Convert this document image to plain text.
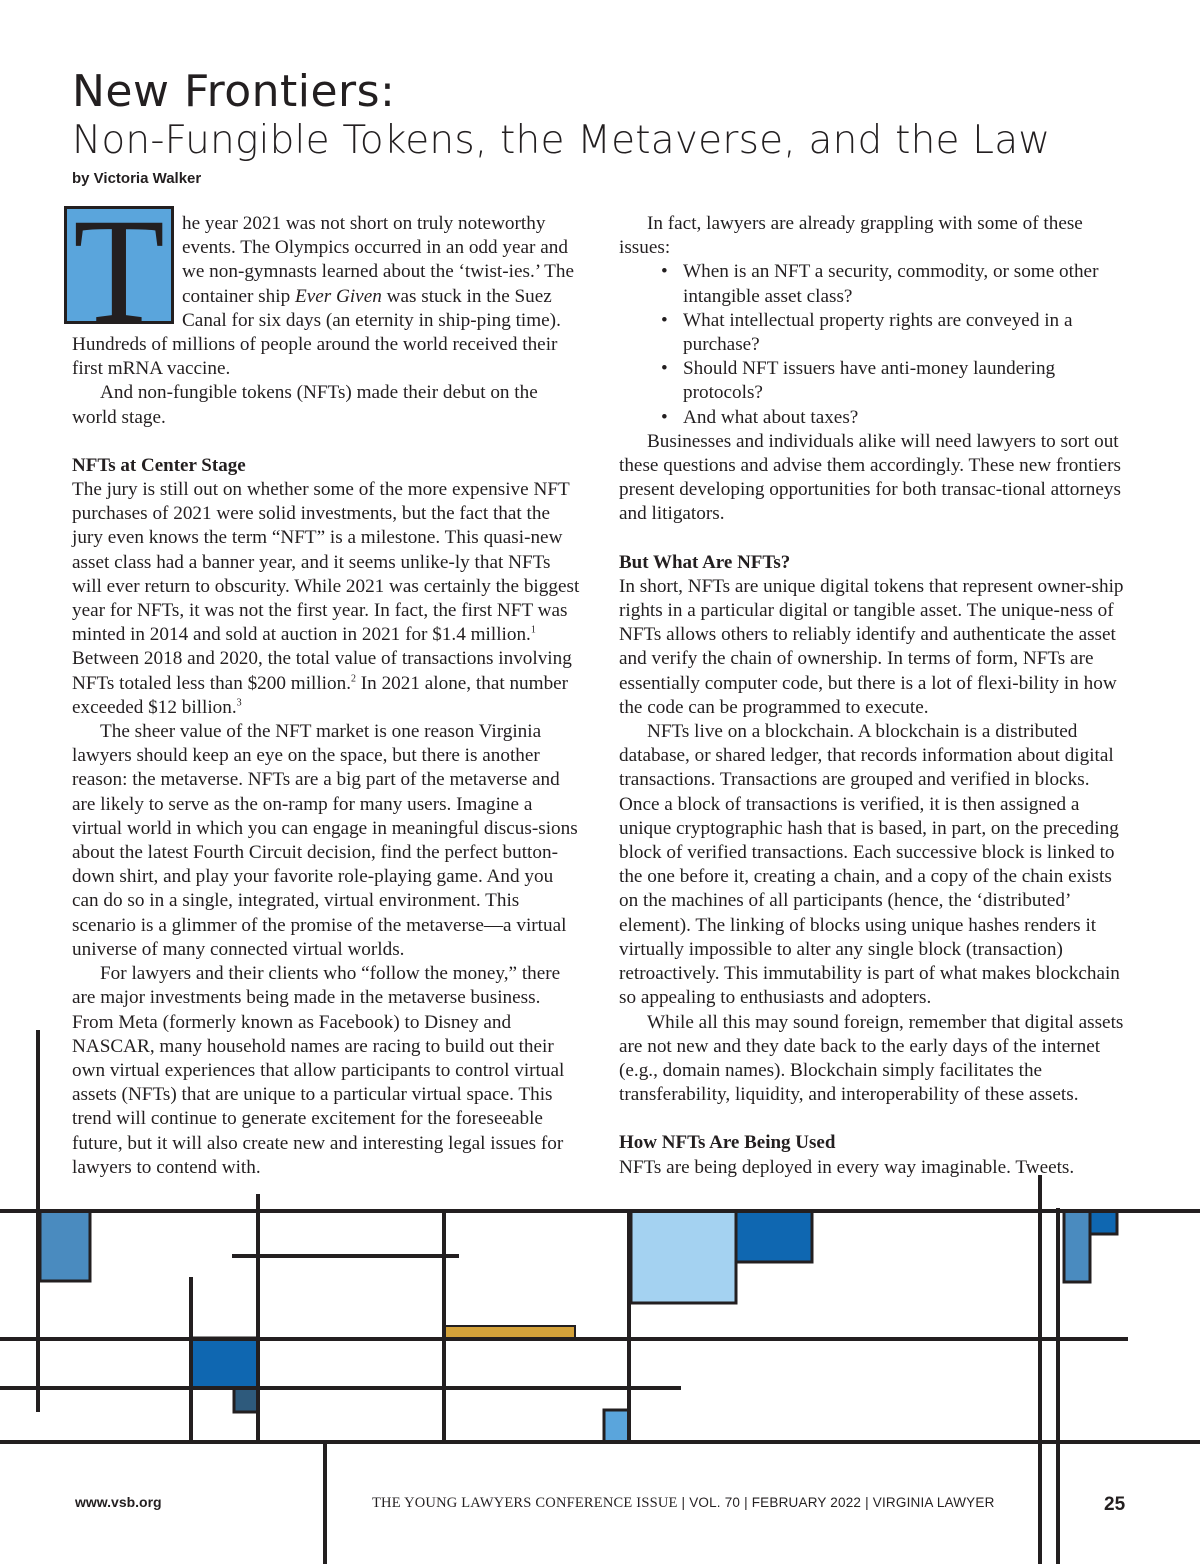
New Frontiers:
Non-Fungible Tokens, the Metaverse, and the Law
by Victoria Walker

T he year 2021 was not short on truly noteworthy events. The Olympics occurred in an odd year and we non-gymnasts learned about the ‘twist-ies.’ The container ship Ever Given was stuck in the Suez Canal for six days (an eternity in ship-ping time). Hundreds of millions of people around the world received their first mRNA vaccine.

And non-fungible tokens (NFTs) made their debut on the world stage.

NFTs at Center Stage

The jury is still out on whether some of the more expensive NFT purchases of 2021 were solid investments, but the fact that the jury even knows the term “NFT” is a milestone. This quasi-new asset class had a banner year, and it seems unlike-ly that NFTs will ever return to obscurity. While 2021 was certainly the biggest year for NFTs, it was not the first year. In fact, the first NFT was minted in 2014 and sold at auction in 2021 for $1.4 million.$^1$ Between 2018 and 2020, the total value of transactions involving NFTs totaled less than $200 million.$^2$ In 2021 alone, that number exceeded $12 billion.$^3$

The sheer value of the NFT market is one reason Virginia lawyers should keep an eye on the space, but there is another reason: the metaverse. NFTs are a big part of the metaverse and are likely to serve as the on-ramp for many users. Imagine a virtual world in which you can engage in meaningful discus-sions about the latest Fourth Circuit decision, find the perfect button-down shirt, and play your favorite role-playing game. And you can do so in a single, integrated, virtual environment. This scenario is a glimmer of the promise of the metaverse—a virtual universe of many connected virtual worlds.

For lawyers and their clients who “follow the money,” there are major investments being made in the metaverse business. From Meta (formerly known as Facebook) to Disney and NASCAR, many household names are racing to build out their own virtual experiences that allow participants to control virtual assets (NFTs) that are unique to a particular virtual space. This trend will continue to generate excitement for the foreseeable future, but it will also create new and interesting legal issues for lawyers to contend with.

In fact, lawyers are already grappling with some of these issues:

• When is an NFT a security, commodity, or some other intangible asset class?
• What intellectual property rights are conveyed in a purchase?
• Should NFT issuers have anti-money laundering protocols?
• And what about taxes?

Businesses and individuals alike will need lawyers to sort out these questions and advise them accordingly. These new frontiers present developing opportunities for both transac-tional attorneys and litigators.

But What Are NFTs?

In short, NFTs are unique digital tokens that represent owner-ship rights in a particular digital or tangible asset. The unique-ness of NFTs allows others to reliably identify and authenticate the asset and verify the chain of ownership. In terms of form, NFTs are essentially computer code, but there is a lot of flexi-bility in how the code can be programmed to execute.

NFTs live on a blockchain. A blockchain is a distributed database, or shared ledger, that records information about digital transactions. Transactions are grouped and verified in blocks. Once a block of transactions is verified, it is then assigned a unique cryptographic hash that is based, in part, on the preceding block of verified transactions. Each successive block is linked to the one before it, creating a chain, and a copy of the chain exists on the machines of all participants (hence, the ‘distributed’ element). The linking of blocks using unique hashes renders it virtually impossible to alter any single block (transaction) retroactively. This immutability is part of what makes blockchain so appealing to enthusiasts and adopters.

While all this may sound foreign, remember that digital assets are not new and they date back to the early days of the internet (e.g., domain names). Blockchain simply facilitates the transferability, liquidity, and interoperability of these assets.

How NFTs Are Being Used

NFTs are being deployed in every way imaginable. Tweets.

www.vsb.org	THE YOUNG LAWYERS CONFERENCE ISSUE | VOL. 70 | FEBRUARY 2022 | VIRGINIA LAWYER	25
